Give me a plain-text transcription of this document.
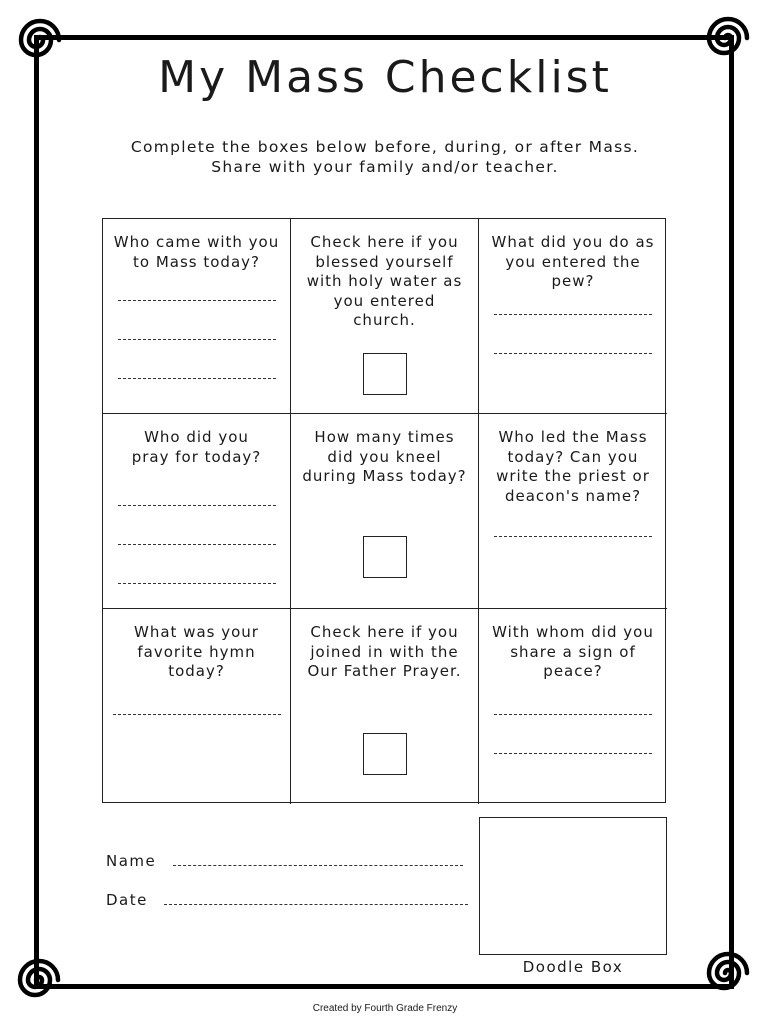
My Mass Checklist
Complete the boxes below before, during, or after Mass.
Share with your family and/or teacher.
Who came with you to Mass today?
Check here if you blessed yourself with holy water as you entered church.
What did you do as you entered the pew?
Who did you pray for today?
How many times did you kneel during Mass today?
Who led the Mass today? Can you write the priest or deacon's name?
What was your favorite hymn today?
Check here if you joined in with the Our Father Prayer.
With whom did you share a sign of peace?
Name
Date
Doodle Box
Created by Fourth Grade Frenzy
